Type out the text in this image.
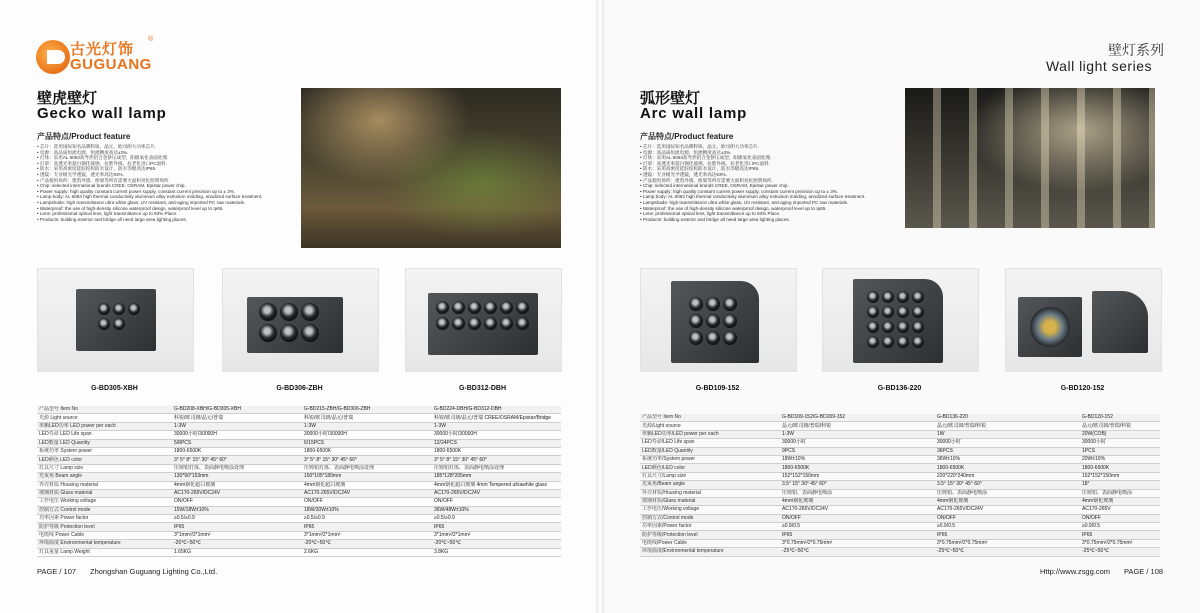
古光灯饰
GUGUANG
®
壁虎壁灯
Gecko wall lamp
产品特点/Product feature
• 芯片：选用国际知名品牌科锐、晶元、欧司朗大功率芯片.
• 电源：高品质恒流电源，恒流精度高达±3%.
• 灯体：采用AL 6063高导热铝合金挤压成型，阳极氧化表面处理.
• 灯罩：高透光率超白钢化玻璃，抗紫外线、抗老化进口PC面料.
• 防水：采用高密度硅胶结构防水设计，防水等级高达IP65.
• 透镜：专业级光学透镜，透光率高达93%.
• 产品使用场所：建筑外墙、桥梁等所有需要大面积亮化照明场所.
• Chip: selected international brands CREE, OSRAM, Epistar power chip.
• Power supply: high quality constant current power supply, constant current precision up to ± 3%.
• Lamp body: AL 6063 high thermal conductivity aluminum alloy extrusion molding, anodized surface treatment.
• Lampshade: high transmittance ultra white glass, UV resistant, anti-aging imported PC raw materials.
• Waterproof: the use of high-density silicone waterproof design, waterproof level up to Ip65.
• Lens: professional optical lens, light transmittance up to 93%.Place.
• Products: building exterior and bridge all need large area lighting places.
G-BD305-XBH	G-BD306-ZBH	G-BD312-DBH
产品型号 Item No	G-BD208-XBH/G-BD305-XBH	G-BD215-ZBH/G-BD306-ZBH	G-BD224-DBH/G-BD312-DBH
光源 Light source	科锐/欧司朗/晶元/普瑞	科锐/欧司朗/晶元/普瑞	科锐/欧司朗/晶元/普瑞 CREE/OSRAM/Epistar/Bridge
单颗LED功率 LED power per each	1-3W	1-3W	1-3W
LED寿命 LED Life span	30000小时/30000H	30000小时/30000H	30000小时/30000H
LED数量 LED Quantity	5/8PCS	6/15PCS	12/24PCS
系统功率 System power	1800-6500K	1800-6500K	1800-6500K
LED颜色 LED color	3° 5° 8° 15° 30° 45° 60°	3° 5° 8° 15° 30° 45° 60°	3° 5° 8° 15° 30° 45° 60°
灯具尺寸 Lamp size	压铸铝灯体、表面静电喷涂处理	压铸铝灯体、表面静电喷涂处理	压铸铝灯体、表面静电喷涂处理
光束角 Beam angle	130*90*153mm	150*105*180mm	185*128*205mm
外壳材质 Housing material	4mm钢化超白玻璃	4mm钢化超白玻璃	4mm钢化超白玻璃 4mm Tempered ultrawhite glass
玻璃材质 Glass material	AC170-265V/DC24V	AC170-265V/DC24V	AC170-265V/DC24V
工作电压 Working voltage	ON/OFF	ON/OFF	ON/OFF
控制方式 Control mode	15W/18W±10%	18W/30W±10%	36W/48W±10%
功率因素 Power factor	≥0.5/≥0.9	≥0.5/≥0.9	≥0.5/≥0.9
防护等级 Protection level	IP65	IP65	IP65
电缆线 Power Cable	3*1mm²/2*1mm²	3*1mm²/2*1mm²	3*1mm²/2*1mm²
环境温度 Environmental temperature	-20℃~50℃	-20℃~50℃	-20℃~50℃
灯具重量 Lamp Weight	1.65KG	2.6KG	3.8KG
PAGE / 107 Zhongshan Guguang Lighting Co.,Ltd.
壁灯系列
Wall light series
弧形壁灯
Arc wall lamp
产品特点/Product feature
• 芯片：选用国际知名品牌科锐、晶元、欧司朗大功率芯片.
• 电源：高品质恒流电源，恒流精度高达±3%.
• 灯体：采用AL 6063高导热铝合金挤压成型，阳极氧化表面处理.
• 灯罩：高透光率超白钢化玻璃，抗紫外线、抗老化进口PC面料.
• 防水：采用高密度硅胶结构防水设计，防水等级高达IP65.
• 透镜：专业级光学透镜，透光率高达93%.
• 产品使用场所：建筑外墙、桥梁等所有需要大面积亮化照明场所.
• Chip: selected international brands CREE, OSRAM, Epistar power chip.
• Power supply: high quality constant current power supply, constant current precision up to ± 3%.
• Lamp body: AL 6063 high thermal conductivity aluminum alloy extrusion molding, anodized surface treatment.
• Lampshade: high transmittance ultra white glass, UV resistant, anti-aging imported PC raw materials.
• Waterproof: the use of high-density silicone waterproof design, waterproof level up to Ip65.
• Lens: professional optical lens, light transmittance up to 93%.Place.
• Products: building exterior and bridge all need large area lighting places.
G-BD109-152	G-BD136-220	G-BD120-152
产品型号 Item No	G-BD109-152/G-BD209-152	G-BD136-220	G-BD120-152
光源/Light source	晶元/欧司朗/普瑞/科锐	晶元/欧司朗/普瑞/科锐	晶元/欧司朗/普瑞/科锐
单颗LED功率/LED power per each	1-3W	1W	20W(COB)
LED寿命/LED Life span	30000小时	30000小时	30000小时
LED数量/LED Quantity	9PCS	36PCS	1PCS
系统功率/System power	18W±10%	36W±10%	20W±10%
LED颜色/LED color	1800-6500K	1800-6500K	1800-6500K
灯具尺寸/Lamp size	152*152*150mm	220*220*240mm	152*152*150mm
光束角/Beam angle	3.5° 15° 30° 45° 60°	3.5° 15° 30° 45° 60°	18°
外壳材质/Housing material	压铸铝、表面静电喷涂	压铸铝、表面静电喷涂	压铸铝、表面静电喷涂
玻璃材质/Glass material	4mm钢化玻璃	4mm钢化玻璃	4mm钢化玻璃
工作电压/Working voltage	AC170-265V/DC24V	AC170-265V/DC24V	AC170-265V
控制方式/Control mode	ON/OFF	ON/OFF	ON/OFF
功率因素/Power factor	≥0.9/0.5	≥0.9/0.5	≥0.9/0.5
防护等级/Protection level	IP65	IP65	IP65
电缆线/Power Cable	3*0.75mm²/2*0.75mm²	3*0.75mm²/2*0.75mm²	3*0.75mm²/2*0.75mm²
环境温度/Environmental temperature	-25℃~50℃	-25℃~50℃	-25℃~50℃
Http://www.zsgg.com PAGE / 108
